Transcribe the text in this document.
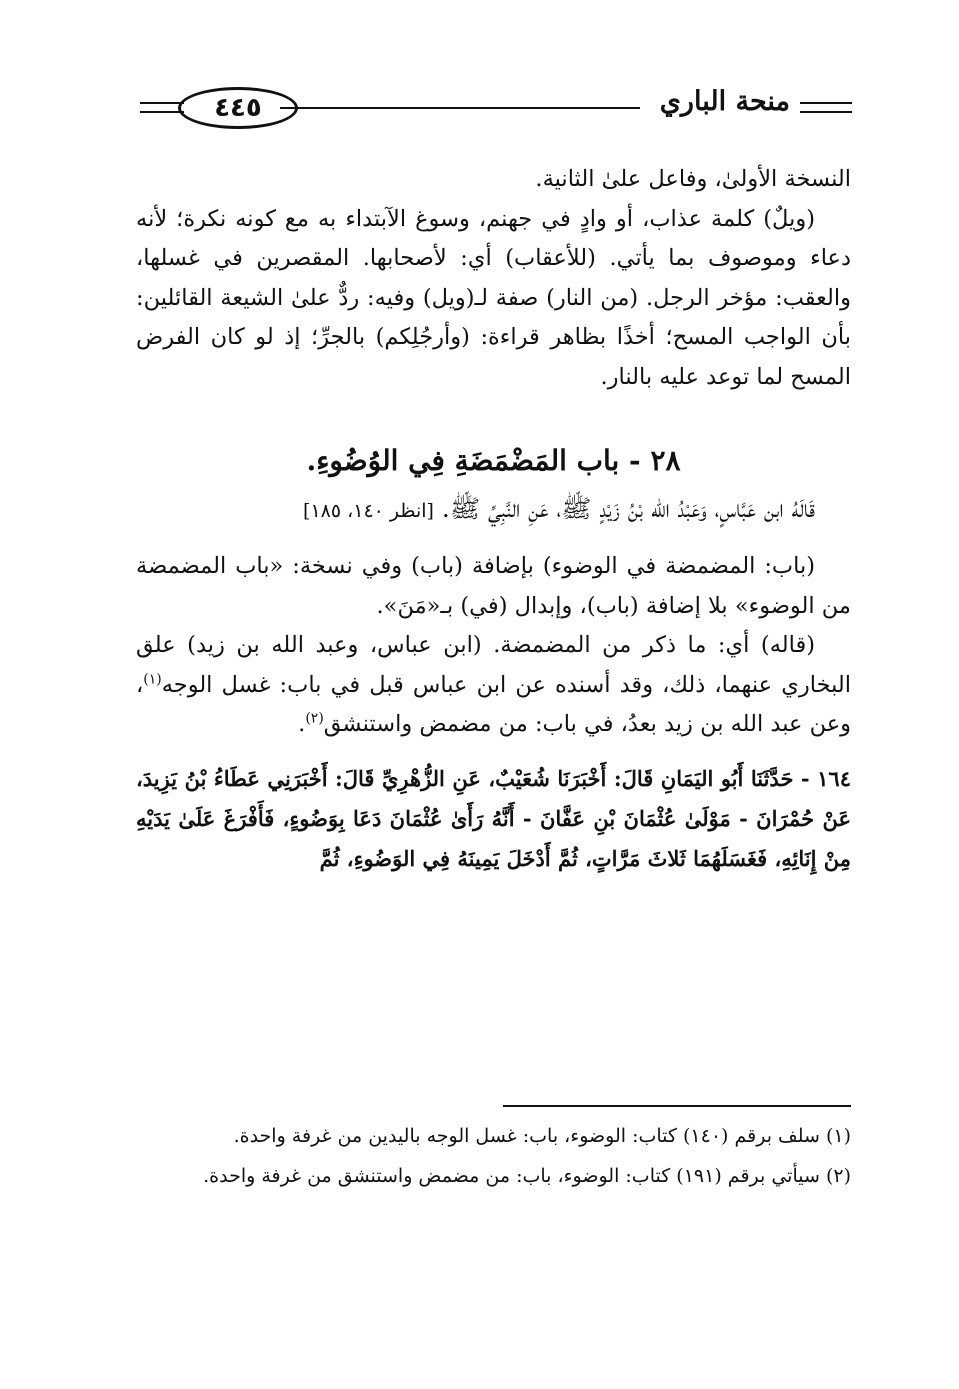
منحة الباري
٤٤٥

النسخة الأولىٰ، وفاعل علىٰ الثانية.

(ويلٌ) كلمة عذاب، أو وادٍ في جهنم، وسوغ الآبتداء به مع كونه نكرة؛ لأنه دعاء وموصوف بما يأتي. (للأعقاب) أي: لأصحابها. المقصرين في غسلها، والعقب: مؤخر الرجل. (من النار) صفة لـ(ويل) وفيه: ردٌّ علىٰ الشيعة القائلين: بأن الواجب المسح؛ أخذًا بظاهر قراءة: (وأرجُلِكم) بالجرِّ؛ إذ لو كان الفرض المسح لما توعد عليه بالنار.

٢٨ - باب المَضْمَضَةِ فِي الوُضُوءِ.

قَالَهُ ابن عَبَّاسٍ، وَعَبْدُ الله بْنُ زَيْدٍ ﷺ، عَنِ النَّبِيِّ ﷺ. [انظر ١٤٠، ١٨٥]

(باب: المضمضة في الوضوء) بإضافة (باب) وفي نسخة: «باب المضمضة من الوضوء» بلا إضافة (باب)، وإبدال (في) بـ«مَنَ».

(قاله) أي: ما ذكر من المضمضة. (ابن عباس، وعبد الله بن زيد) علق البخاري عنهما، ذلك، وقد أسنده عن ابن عباس قبل في باب: غسل الوجه$^{(١)}$، وعن عبد الله بن زيد بعدُ، في باب: من مضمض واستنشق$^{(٢)}$.

١٦٤ - حَدَّثَنَا أَبُو اليَمَانِ قَالَ: أَخْبَرَنَا شُعَيْبٌ، عَنِ الزُّهْرِيِّ قَالَ: أَخْبَرَنِي عَطَاءُ بْنُ يَزِيدَ، عَنْ حُمْرَانَ - مَوْلَىٰ عُثْمَانَ بْنِ عَفَّانَ - أَنَّهُ رَأَىٰ عُثْمَانَ دَعَا بِوَضُوءٍ، فَأَفْرَغَ عَلَىٰ يَدَيْهِ مِنْ إِنَائِهِ، فَغَسَلَهُمَا ثَلاثَ مَرَّاتٍ، ثُمَّ أَدْخَلَ يَمِينَهُ فِي الوَضُوءِ، ثُمَّ

(١) سلف برقم (١٤٠) كتاب: الوضوء، باب: غسل الوجه باليدين من غرفة واحدة.

(٢) سيأتي برقم (١٩١) كتاب: الوضوء، باب: من مضمض واستنشق من غرفة واحدة.
